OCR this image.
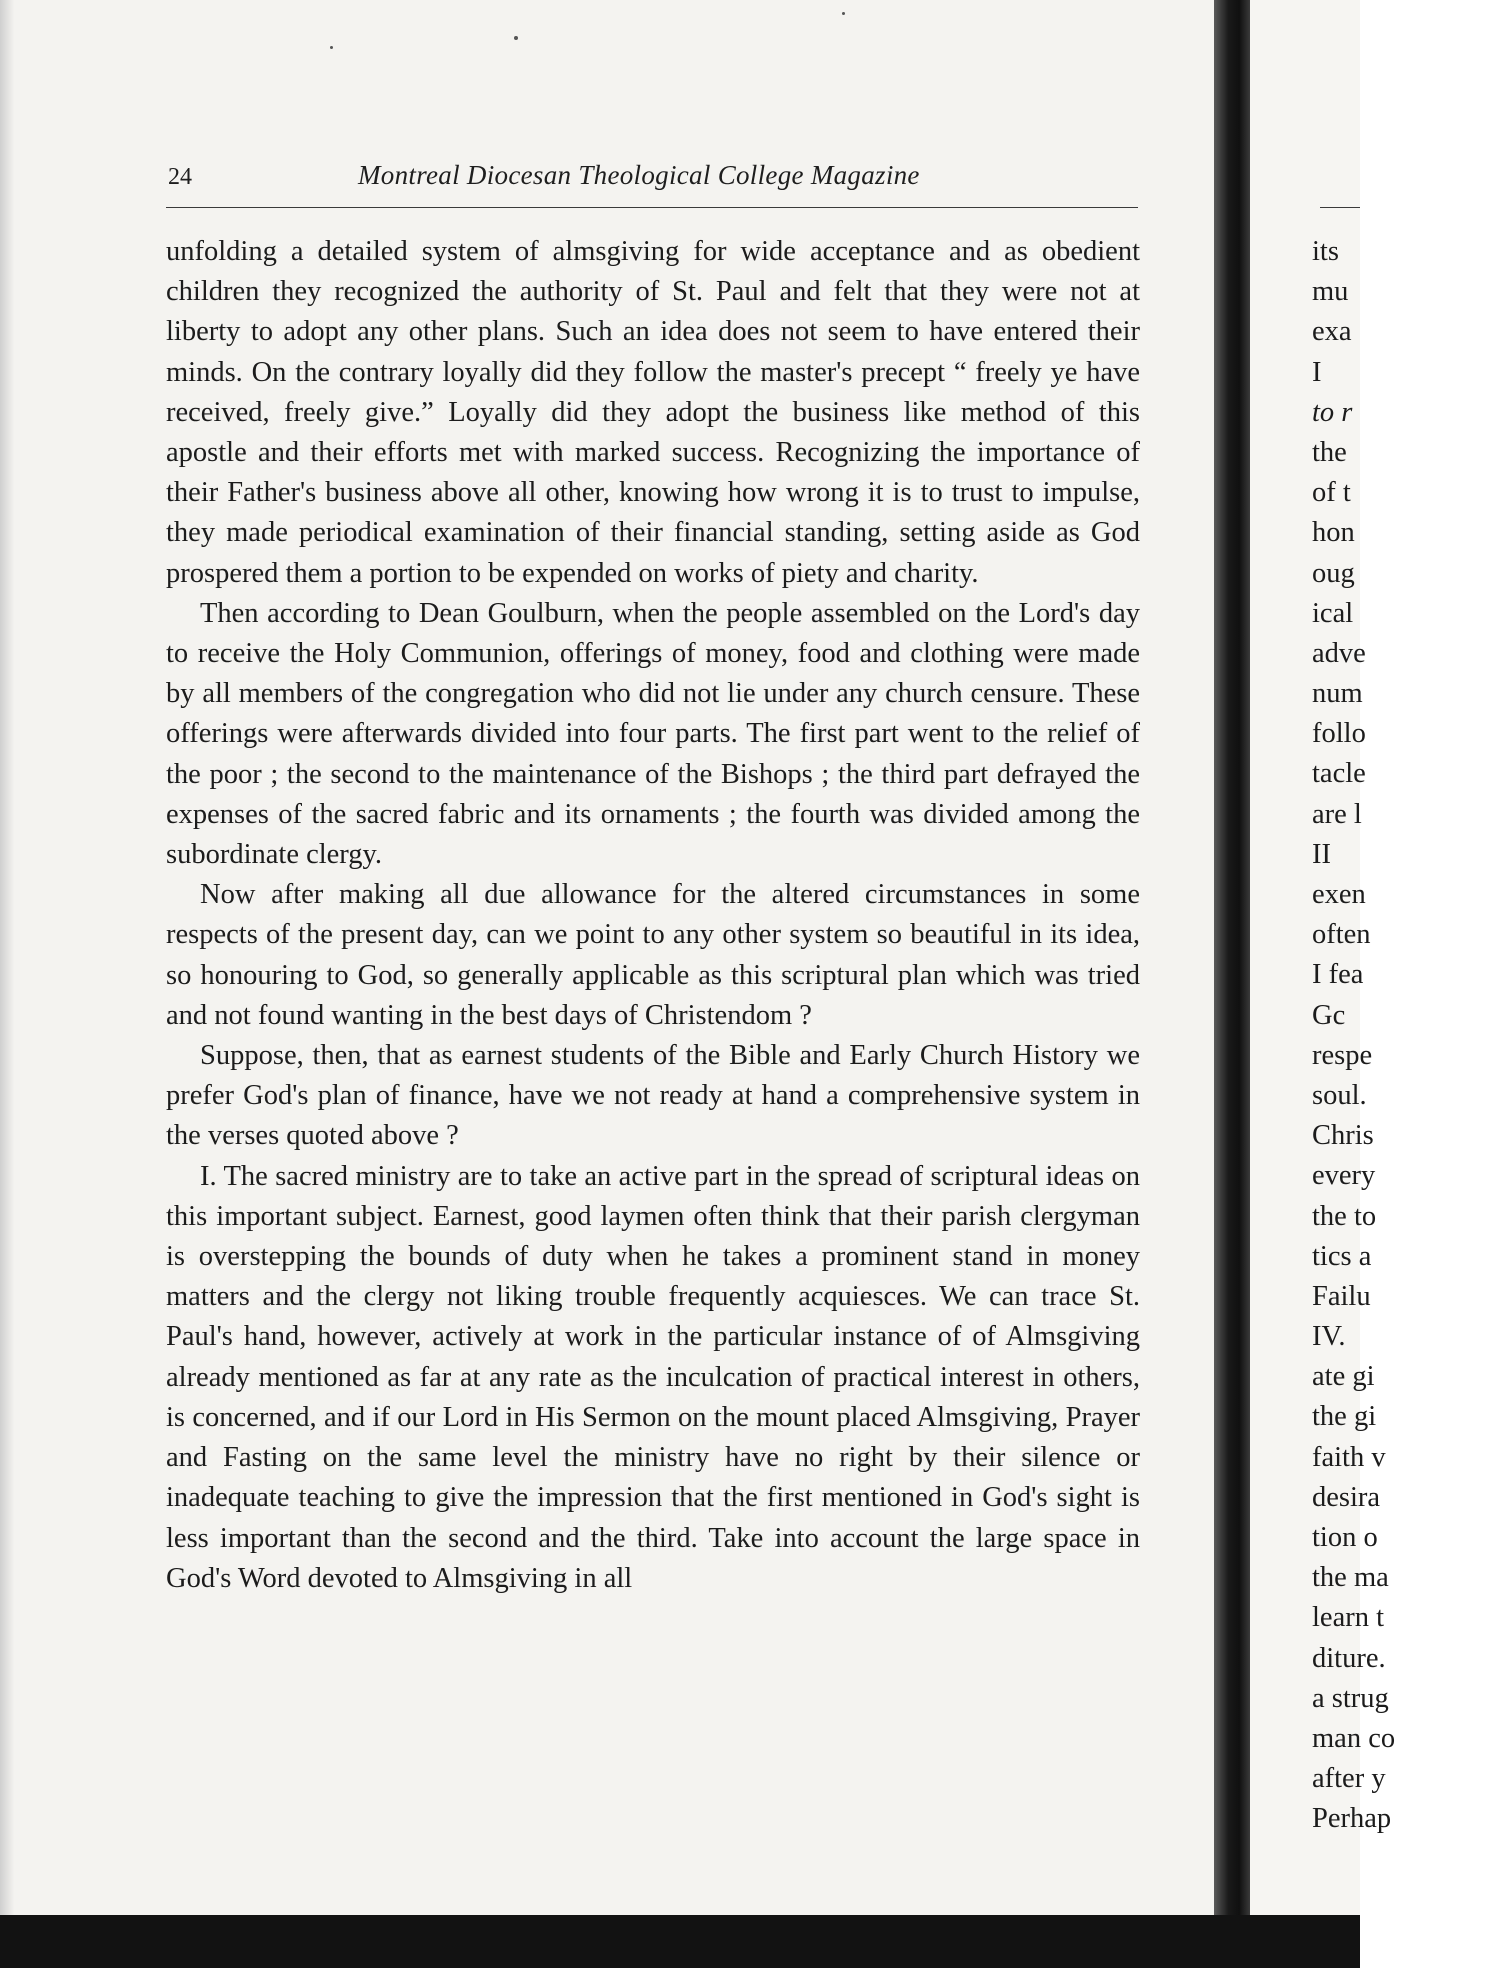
24	Montreal Diocesan Theological College Magazine

unfolding a detailed system of almsgiving for wide acceptance and as obedient children they recognized the authority of St. Paul and felt that they were not at liberty to adopt any other plans. Such an idea does not seem to have entered their minds. On the contrary loyally did they follow the master's precept “ freely ye have received, freely give.” Loyally did they adopt the business like method of this apostle and their efforts met with marked success. Recognizing the importance of their Father's business above all other, knowing how wrong it is to trust to impulse, they made periodical examination of their financial standing, setting aside as God prospered them a portion to be expended on works of piety and charity.

Then according to Dean Goulburn, when the people assembled on the Lord's day to receive the Holy Communion, offerings of money, food and clothing were made by all members of the congregation who did not lie under any church censure. These offerings were afterwards divided into four parts. The first part went to the relief of the poor ; the second to the maintenance of the Bishops ; the third part defrayed the expenses of the sacred fabric and its ornaments ; the fourth was divided among the subordinate clergy.

Now after making all due allowance for the altered circumstances in some respects of the present day, can we point to any other system so beautiful in its idea, so honouring to God, so generally applicable as this scriptural plan which was tried and not found wanting in the best days of Christendom ?

Suppose, then, that as earnest students of the Bible and Early Church History we prefer God's plan of finance, have we not ready at hand a comprehensive system in the verses quoted above ?

I. The sacred ministry are to take an active part in the spread of scriptural ideas on this important subject. Earnest, good laymen often think that their parish clergyman is overstepping the bounds of duty when he takes a prominent stand in money matters and the clergy not liking trouble frequently acquiesces. We can trace St. Paul's hand, however, actively at work in the particular instance of of Almsgiving already mentioned as far at any rate as the inculcation of practical interest in others, is concerned, and if our Lord in His Sermon on the mount placed Almsgiving, Prayer and Fasting on the same level the ministry have no right by their silence or inadequate teaching to give the impression that the first mentioned in God's sight is less important than the second and the third. Take into account the large space in God's Word devoted to Almsgiving in all

its
mu
exa
I
to r
the
of t
hon
oug
ical
adve
num
follo
tacle
are l
II
exen
often
I fea
Gc
respe
soul.
Chris
every
the to
tics a
Failu
IV.
ate gi
the gi
faith v
desira
tion o
the ma
learn t
diture.
a strug
man co
after y
Perhap
